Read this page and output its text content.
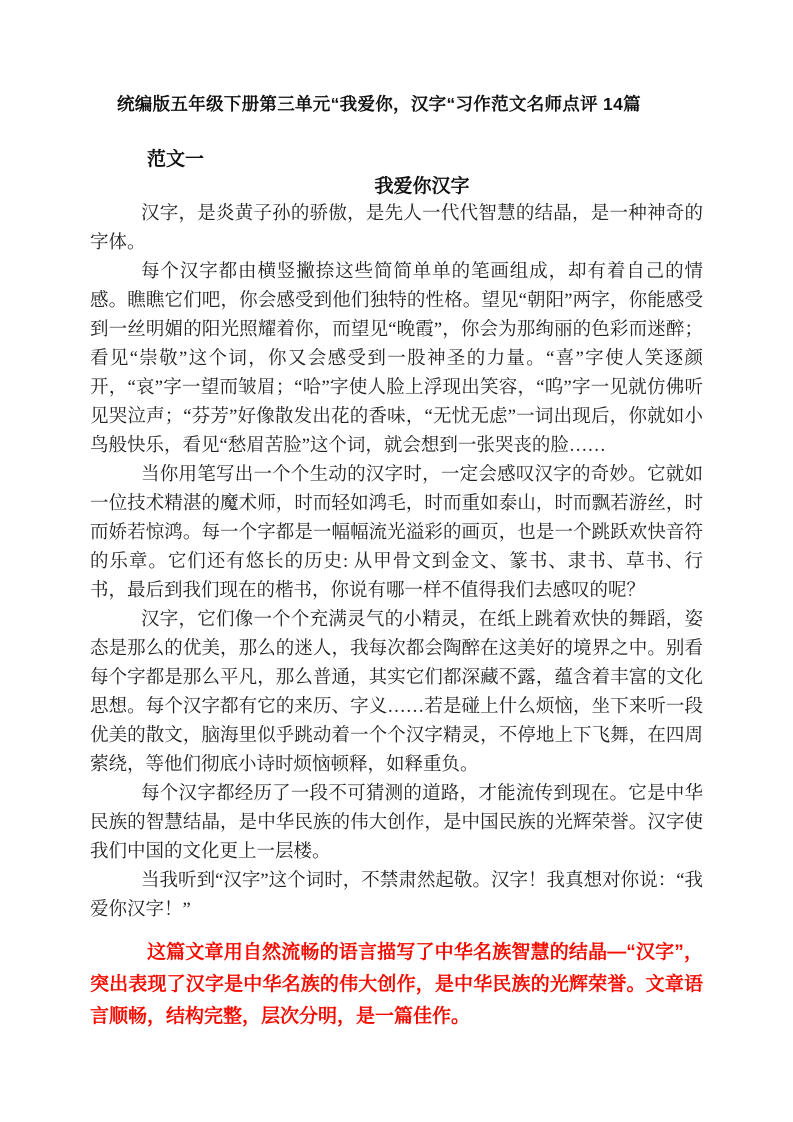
统编版五年级下册第三单元“我爱你，汉字“习作范文名师点评 14篇

范文一

我爱你汉字

汉字，是炎黄子孙的骄傲，是先人一代代智慧的结晶，是一种神奇的字体。

每个汉字都由横竖撇捺这些简简单单的笔画组成，却有着自己的情感。瞧瞧它们吧，你会感受到他们独特的性格。望见“朝阳”两字，你能感受到一丝明媚的阳光照耀着你，而望见“晚霞”，你会为那绚丽的色彩而迷醉；看见“崇敬”这个词，你又会感受到一股神圣的力量。“喜”字使人笑逐颜开，“哀”字一望而皱眉；“哈”字使人脸上浮现出笑容，“呜”字一见就仿佛听见哭泣声；“芬芳”好像散发出花的香味，“无忧无虑”一词出现后，你就如小鸟般快乐，看见“愁眉苦脸”这个词，就会想到一张哭丧的脸……

当你用笔写出一个个生动的汉字时，一定会感叹汉字的奇妙。它就如一位技术精湛的魔术师，时而轻如鸿毛，时而重如泰山，时而飘若游丝，时而娇若惊鸿。每一个字都是一幅幅流光溢彩的画页，也是一个跳跃欢快音符的乐章。它们还有悠长的历史: 从甲骨文到金文、篆书、隶书、草书、行书，最后到我们现在的楷书，你说有哪一样不值得我们去感叹的呢？

汉字，它们像一个个充满灵气的小精灵，在纸上跳着欢快的舞蹈，姿态是那么的优美，那么的迷人，我每次都会陶醉在这美好的境界之中。别看每个字都是那么平凡，那么普通，其实它们都深藏不露，蕴含着丰富的文化思想。每个汉字都有它的来历、字义……若是碰上什么烦恼，坐下来听一段优美的散文，脑海里似乎跳动着一个个汉字精灵，不停地上下飞舞，在四周萦绕，等他们彻底小诗时烦恼顿释，如释重负。

每个汉字都经历了一段不可猜测的道路，才能流传到现在。它是中华民族的智慧结晶，是中华民族的伟大创作，是中国民族的光辉荣誉。汉字使我们中国的文化更上一层楼。

当我听到“汉字”这个词时，不禁肃然起敬。汉字！我真想对你说：“我爱你汉字！”

这篇文章用自然流畅的语言描写了中华名族智慧的结晶—“汉字”，突出表现了汉字是中华名族的伟大创作，是中华民族的光辉荣誉。文章语言顺畅，结构完整，层次分明，是一篇佳作。
